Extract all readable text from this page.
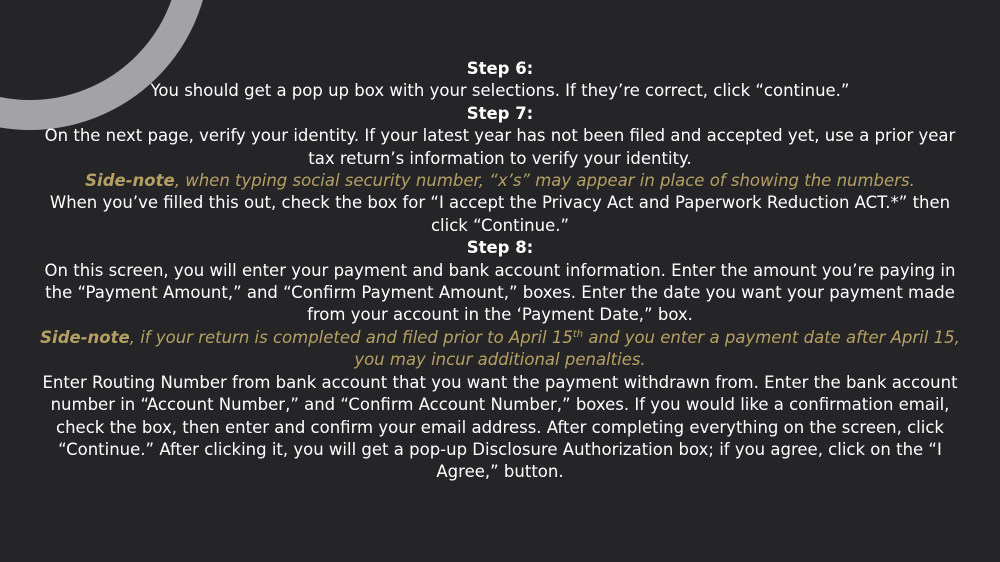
Step 6:

You should get a pop up box with your selections. If they’re correct, click “continue.”

Step 7:

On the next page, verify your identity. If your latest year has not been filed and accepted yet, use a prior year tax return’s information to verify your identity.

Side-note, when typing social security number, “x’s” may appear in place of showing the numbers.

When you’ve filled this out, check the box for “I accept the Privacy Act and Paperwork Reduction ACT.*” then click “Continue.”

Step 8:

On this screen, you will enter your payment and bank account information. Enter the amount you’re paying in the “Payment Amount,” and “Confirm Payment Amount,” boxes. Enter the date you want your payment made from your account in the ‘Payment Date,” box.

Side-note, if your return is completed and filed prior to April 15th and you enter a payment date after April 15, you may incur additional penalties.

Enter Routing Number from bank account that you want the payment withdrawn from. Enter the bank account number in “Account Number,” and “Confirm Account Number,” boxes. If you would like a confirmation email, check the box, then enter and confirm your email address. After completing everything on the screen, click “Continue.” After clicking it, you will get a pop-up Disclosure Authorization box; if you agree, click on the “I Agree,” button.
